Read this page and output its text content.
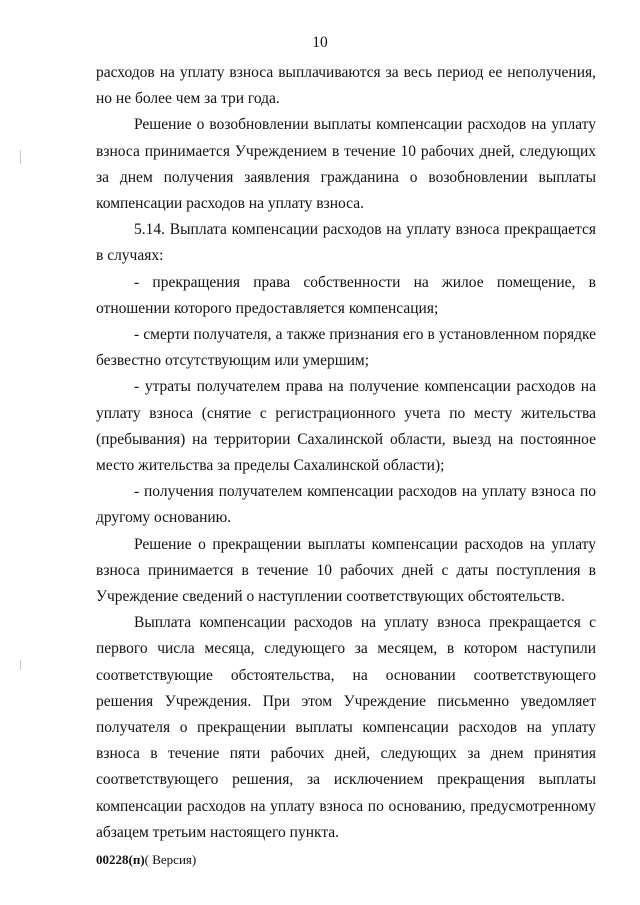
10

расходов на уплату взноса выплачиваются за весь период ее неполучения, но не более чем за три года.

Решение о возобновлении выплаты компенсации расходов на уплату взноса принимается Учреждением в течение 10 рабочих дней, следующих за днем получения заявления гражданина о возобновлении выплаты компенсации расходов на уплату взноса.

5.14. Выплата компенсации расходов на уплату взноса прекращается в случаях:

- прекращения права собственности на жилое помещение, в отношении которого предоставляется компенсация;

- смерти получателя, а также признания его в установленном порядке безвестно отсутствующим или умершим;

- утраты получателем права на получение компенсации расходов на уплату взноса (снятие с регистрационного учета по месту жительства (пребывания) на территории Сахалинской области, выезд на постоянное место жительства за пределы Сахалинской области);

- получения получателем компенсации расходов на уплату взноса по другому основанию.

Решение о прекращении выплаты компенсации расходов на уплату взноса принимается в течение 10 рабочих дней с даты поступления в Учреждение сведений о наступлении соответствующих обстоятельств.

Выплата компенсации расходов на уплату взноса прекращается с первого числа месяца, следующего за месяцем, в котором наступили соответствующие обстоятельства, на основании соответствующего решения Учреждения. При этом Учреждение письменно уведомляет получателя о прекращении выплаты компенсации расходов на уплату взноса в течение пяти рабочих дней, следующих за днем принятия соответствующего решения, за исключением прекращения выплаты компенсации расходов на уплату взноса по основанию, предусмотренному абзацем третьим настоящего пункта.

00228(п)( Версия)
